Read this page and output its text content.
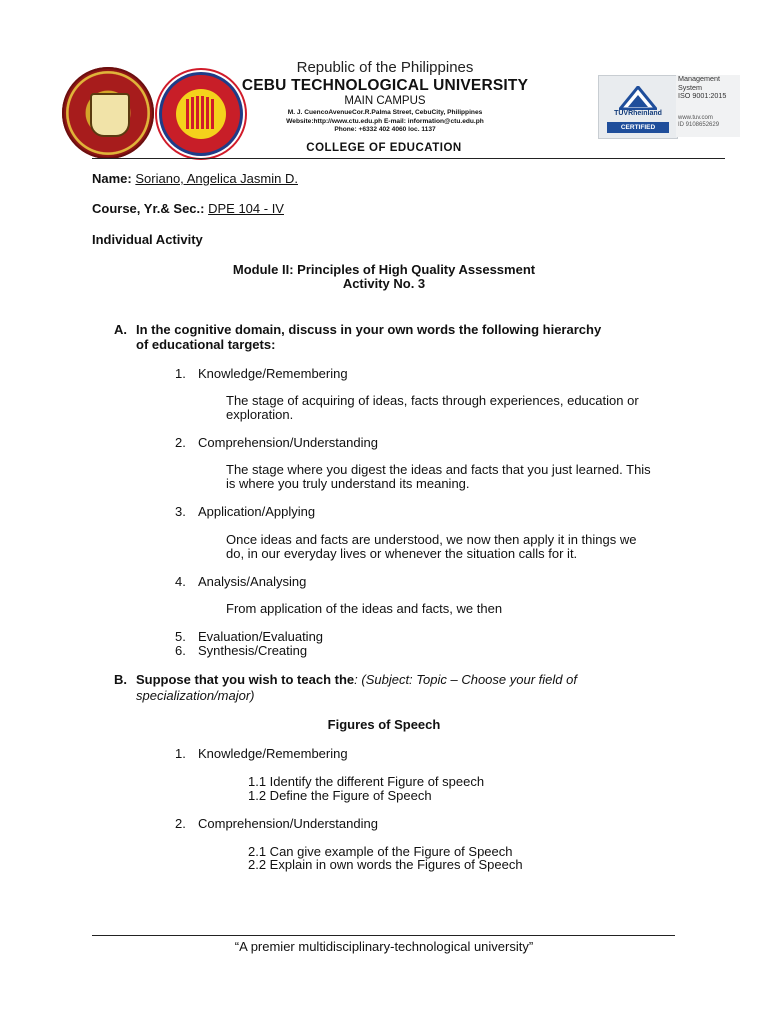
Republic of the Philippines
CEBU TECHNOLOGICAL UNIVERSITY
MAIN CAMPUS
M. J. CuencoAvenueCor.R.Palma Street, CebuCity, Philippines
Website:http://www.ctu.edu.ph E-mail: information@ctu.edu.ph
Phone: +6332 402 4060 loc. 1137
TÜVRheinland
CERTIFIED
Management
System
ISO 9001:2015
www.tuv.com
ID 9108652629
COLLEGE OF EDUCATION
Name: Soriano, Angelica Jasmin D.
Course, Yr.& Sec.: DPE 104 - IV
Individual Activity
Module II: Principles of High Quality Assessment
Activity No. 3
A. In the cognitive domain, discuss in your own words the following hierarchy
of educational targets:
1. Knowledge/Remembering
The stage of acquiring of ideas, facts through experiences, education or
exploration.
2. Comprehension/Understanding
The stage where you digest the ideas and facts that you just learned. This
is where you truly understand its meaning.
3. Application/Applying
Once ideas and facts are understood, we now then apply it in things we
do, in our everyday lives or whenever the situation calls for it.
4. Analysis/Analysing
From application of the ideas and facts, we then
5. Evaluation/Evaluating
6. Synthesis/Creating
B. Suppose that you wish to teach the: (Subject: Topic – Choose your field of
specialization/major)
Figures of Speech
1. Knowledge/Remembering
1.1 Identify the different Figure of speech
1.2 Define the Figure of Speech
2. Comprehension/Understanding
2.1 Can give example of the Figure of Speech
2.2 Explain in own words the Figures of Speech
“A premier multidisciplinary-technological university”
